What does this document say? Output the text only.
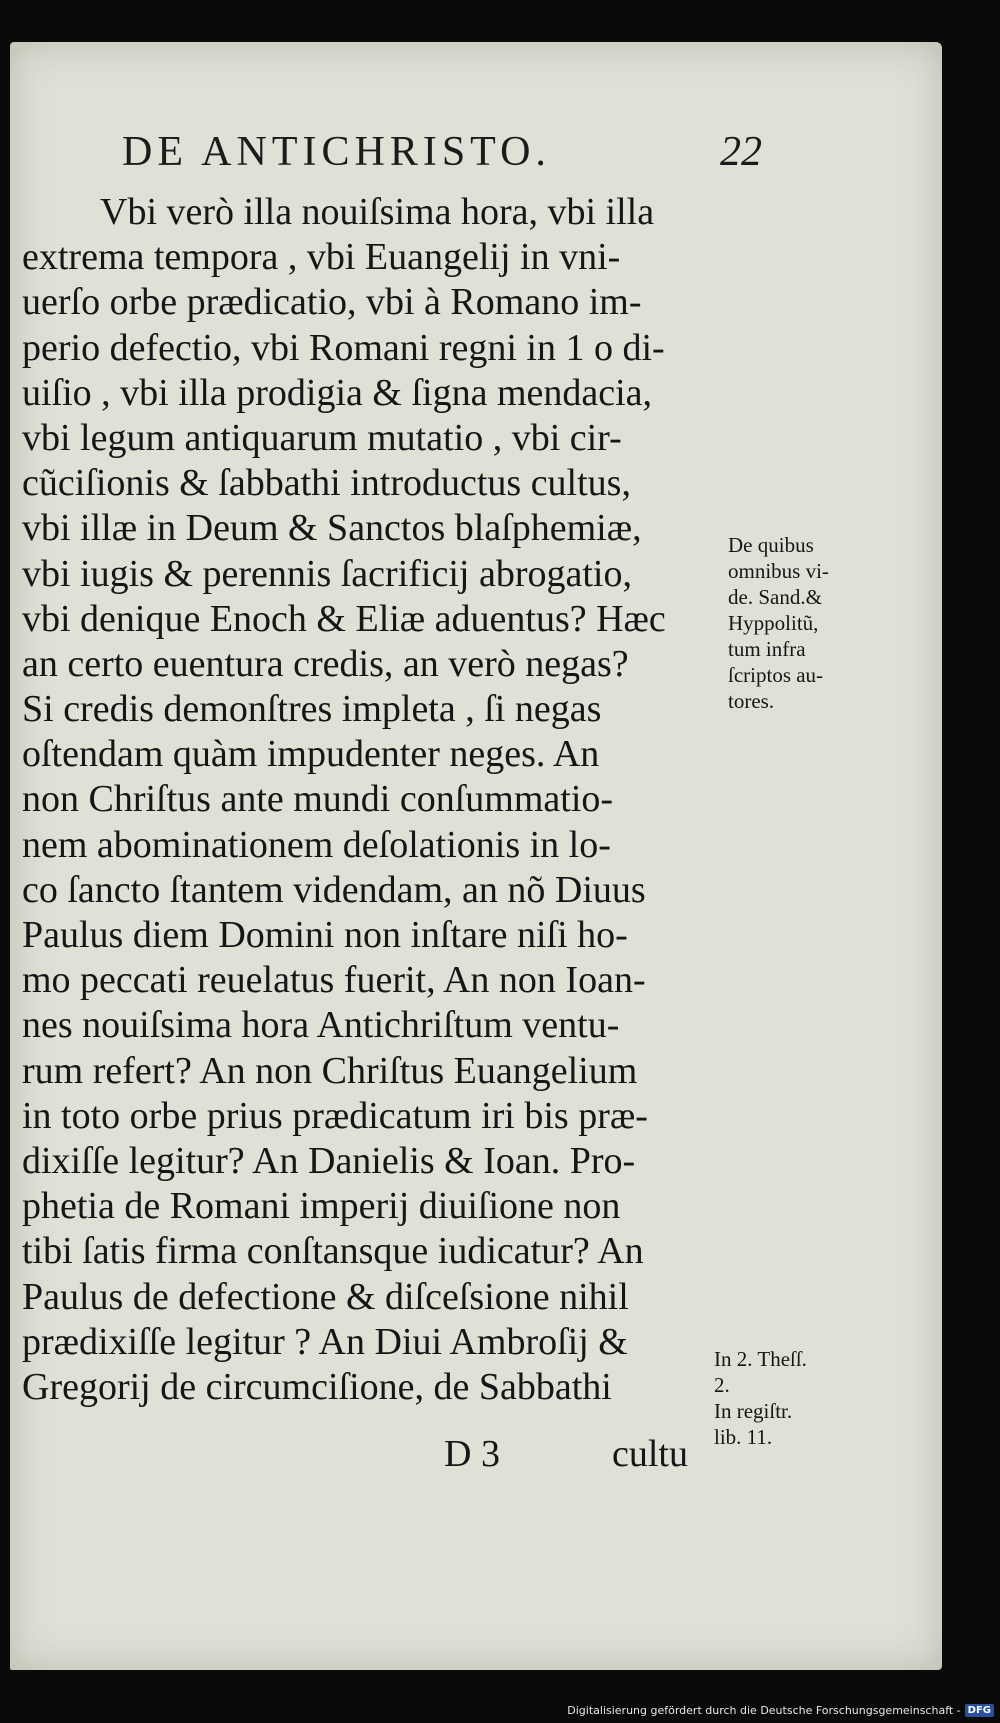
DE ANTICHRISTO.	22
Vbi verò illa nouiſsima hora, vbi illa
extrema tempora , vbi Euangelij in vni-
uerſo orbe prædicatio, vbi à Romano im-
perio defectio, vbi Romani regni in 1 o di-
uiſio , vbi illa prodigia & ſigna mendacia,
vbi legum antiquarum mutatio , vbi cir-
cũciſionis & ſabbathi introductus cultus,
vbi illæ in Deum & Sanctos blaſphemiæ,
vbi iugis & perennis ſacrificij abrogatio,
vbi denique Enoch & Eliæ aduentus? Hæc
an certo euentura credis, an verò negas?
Si credis demonſtres impleta , ſi negas
oſtendam quàm impudenter neges. An
non Chriſtus ante mundi conſummatio-
nem abominationem deſolationis in lo-
co ſancto ſtantem videndam, an nõ Diuus
Paulus diem Domini non inſtare niſi ho-
mo peccati reuelatus fuerit, An non Ioan-
nes nouiſsima hora Antichriſtum ventu-
rum refert? An non Chriſtus Euangelium
in toto orbe prius prædicatum iri bis præ-
dixiſſe legitur? An Danielis & Ioan. Pro-
phetia de Romani imperij diuiſione non
tibi ſatis firma conſtansque iudicatur? An
Paulus de defectione & diſceſsione nihil
prædixiſſe legitur ? An Diui Ambroſij &
Gregorij de circumciſione, de Sabbathi
De quibus
omnibus vi-
de. Sand.&
Hyppolitũ,
tum infra
ſcriptos au-
tores.
In 2. Theſſ.
2.
In regiſtr.
lib. 11.
D 3	cultu
Digitalisierung gefördert durch die Deutsche Forschungsgemeinschaft - DFG
